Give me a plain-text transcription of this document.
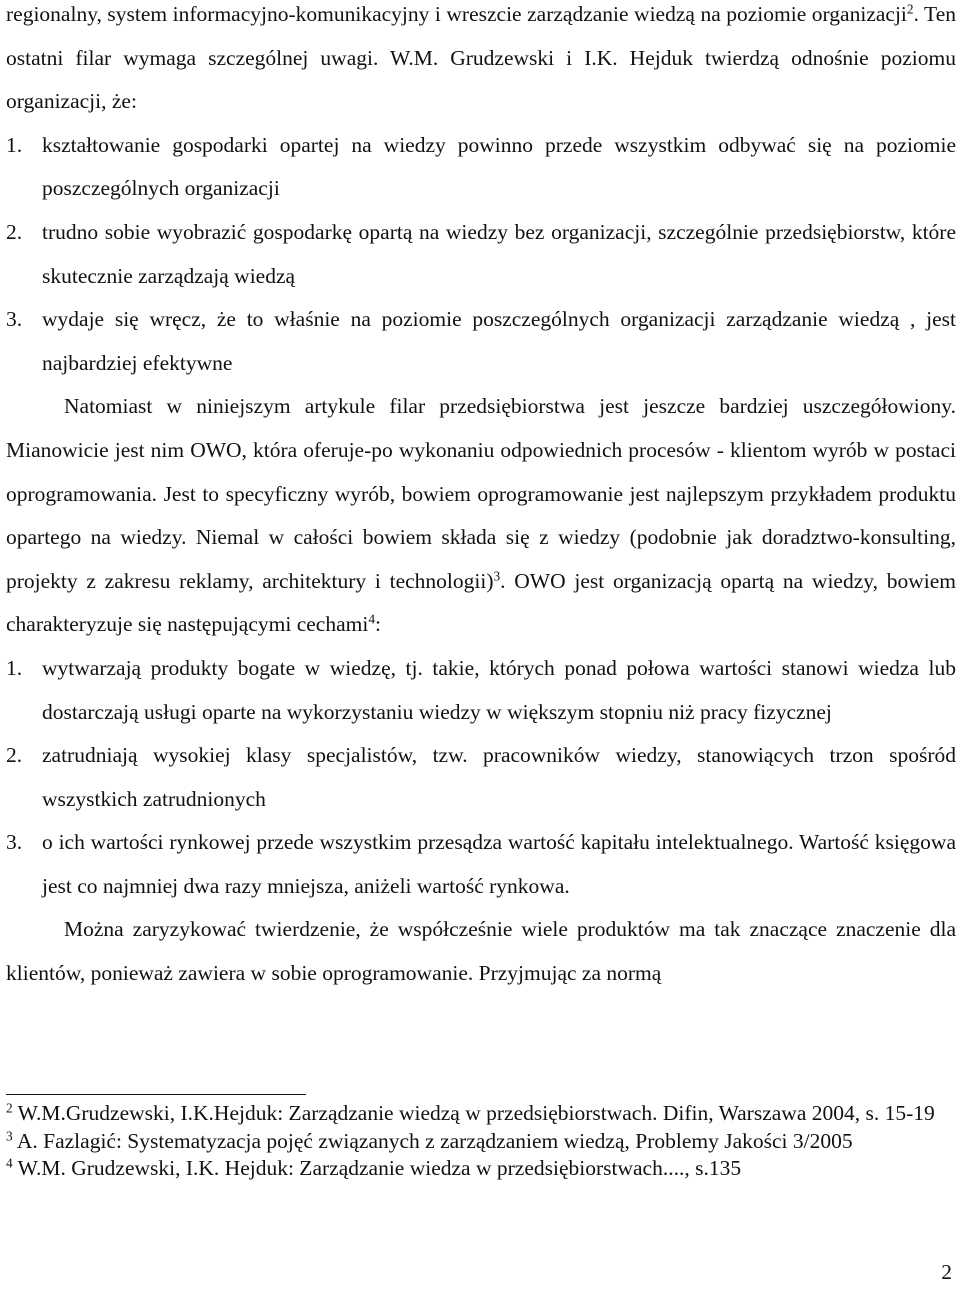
regionalny, system informacyjno-komunikacyjny i wreszcie zarządzanie wiedzą na poziomie organizacji$^2$. Ten ostatni filar wymaga szczególnej uwagi. W.M. Grudzewski i I.K. Hejduk twierdzą odnośnie poziomu organizacji, że:

1. kształtowanie gospodarki opartej na wiedzy powinno przede wszystkim odbywać się na poziomie poszczególnych organizacji

2. trudno sobie wyobrazić gospodarkę opartą na wiedzy bez organizacji, szczególnie przedsiębiorstw, które skutecznie zarządzają wiedzą

3. wydaje się wręcz, że to właśnie na poziomie poszczególnych organizacji zarządzanie wiedzą , jest najbardziej efektywne

Natomiast w niniejszym artykule filar przedsiębiorstwa jest jeszcze bardziej uszczegółowiony. Mianowicie jest nim OWO, która oferuje-po wykonaniu odpowiednich procesów - klientom wyrób w postaci oprogramowania. Jest to specyficzny wyrób, bowiem oprogramowanie jest najlepszym przykładem produktu opartego na wiedzy. Niemal w całości bowiem składa się z wiedzy (podobnie jak doradztwo-konsulting, projekty z zakresu reklamy, architektury i technologii)$^3$. OWO jest organizacją opartą na wiedzy, bowiem charakteryzuje się następującymi cechami$^4$:

1. wytwarzają produkty bogate w wiedzę, tj. takie, których ponad połowa wartości stanowi wiedza lub dostarczają usługi oparte na wykorzystaniu wiedzy w większym stopniu niż pracy fizycznej

2. zatrudniają wysokiej klasy specjalistów, tzw. pracowników wiedzy, stanowiących trzon spośród wszystkich zatrudnionych

3. o ich wartości rynkowej przede wszystkim przesądza wartość kapitału intelektualnego. Wartość księgowa jest co najmniej dwa razy mniejsza, aniżeli wartość rynkowa.

Można zaryzykować twierdzenie, że współcześnie wiele produktów ma tak znaczące znaczenie dla klientów, ponieważ zawiera w sobie oprogramowanie. Przyjmując za normą

$^2$ W.M.Grudzewski, I.K.Hejduk: Zarządzanie wiedzą w przedsiębiorstwach. Difin, Warszawa 2004, s. 15-19

$^3$ A. Fazlagić: Systematyzacja pojęć związanych z zarządzaniem wiedzą, Problemy Jakości 3/2005

$^4$ W.M. Grudzewski, I.K. Hejduk: Zarządzanie wiedza w przedsiębiorstwach...., s.135

2
